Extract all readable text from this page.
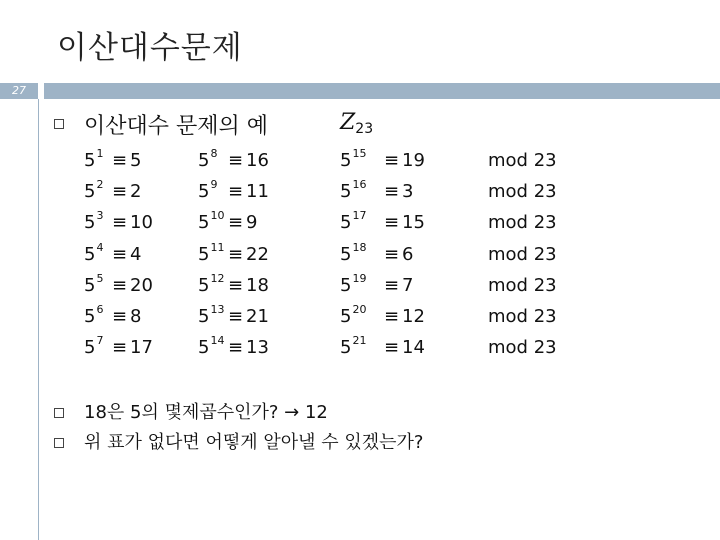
이산대수문제
27
이산대수 문제의 예	$Z_{23}$
5 1 ≡ 5
5 2 ≡ 2
5 3 ≡ 10
5 4 ≡ 4
5 5 ≡ 20
5 6 ≡ 8
5 7 ≡ 17
5 8 ≡ 16
5 9 ≡ 11
5 10 ≡ 9
5 11 ≡ 22
5 12 ≡ 18
5 13 ≡ 21
5 14 ≡ 13
5 15 ≡ 19
5 16 ≡ 3
5 17 ≡ 15
5 18 ≡ 6
5 19 ≡ 7
5 20 ≡ 12
5 21 ≡ 14
mod 23
mod 23
mod 23
mod 23
mod 23
mod 23
mod 23
18은 5의 몇제곱수인가? → 12
위 표가 없다면 어떻게 알아낼 수 있겠는가?
